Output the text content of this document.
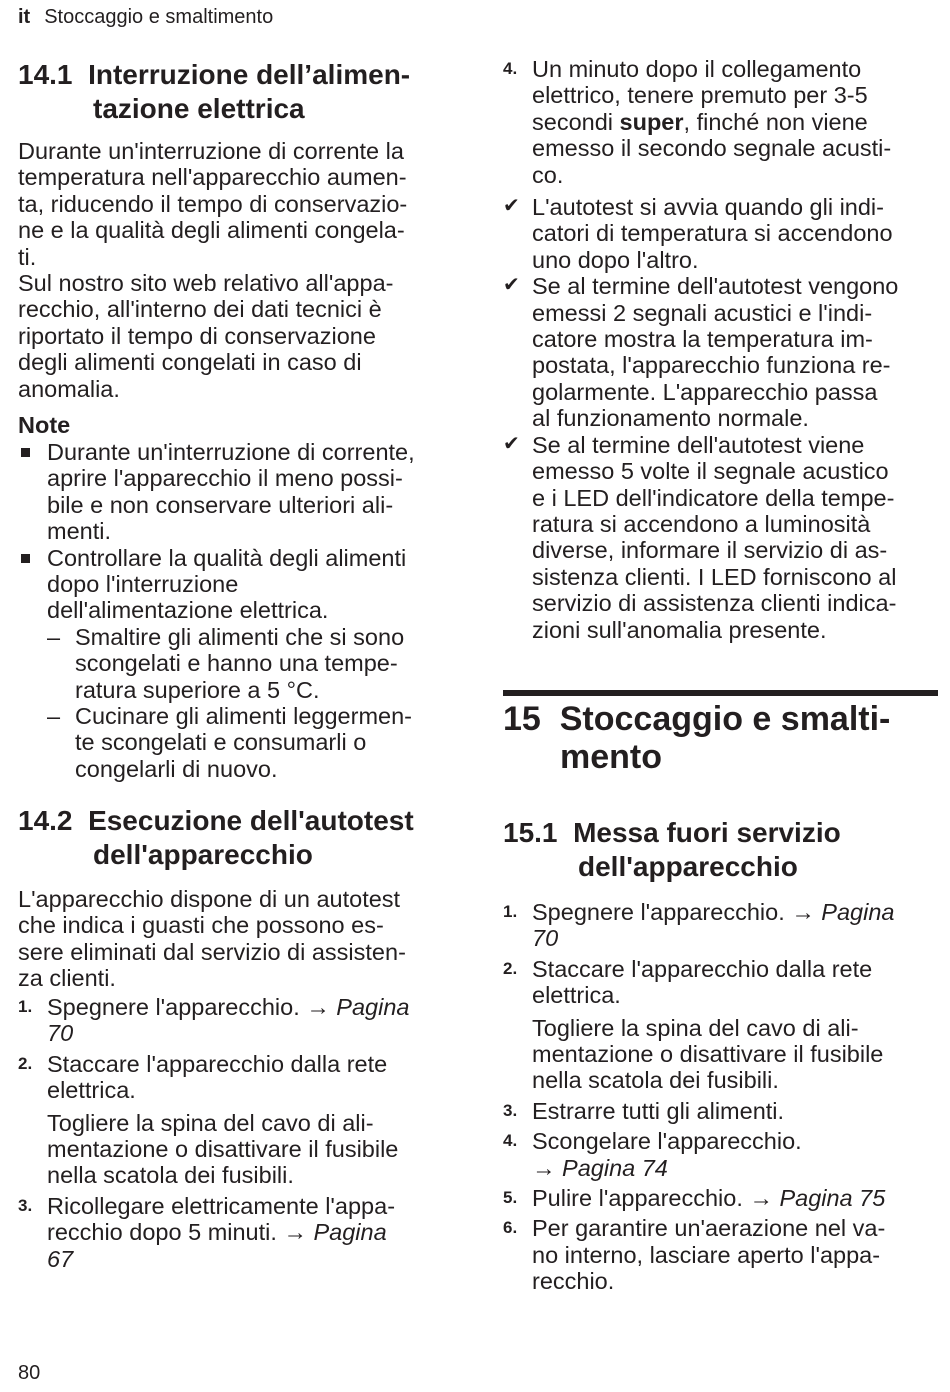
it Stoccaggio e smaltimento
14.1 Interruzione dell’alimen-
tazione elettrica

Durante un'interruzione di corrente la

temperatura nell'apparecchio aumen-

ta, riducendo il tempo di conservazio-

ne e la qualità degli alimenti congela-

ti.

Sul nostro sito web relativo all'appa-

recchio, all'interno dei dati tecnici è

riportato il tempo di conservazione

degli alimenti congelati in caso di

anomalia.

Note

Durante un'interruzione di corrente,

aprire l'apparecchio il meno possi-

bile e non conservare ulteriori ali-

menti.

Controllare la qualità degli alimenti

dopo l'interruzione

dell'alimentazione elettrica.

– Smaltire gli alimenti che si sono

scongelati e hanno una tempe-

ratura superiore a 5 °C.

– Cucinare gli alimenti leggermen-

te scongelati e consumarli o

congelarli di nuovo.

14.2 Esecuzione dell'autotest
dell'apparecchio

L'apparecchio dispone di un autotest

che indica i guasti che possono es-

sere eliminati dal servizio di assisten-

za clienti.

1. Spegnere l'apparecchio. → Pagina

70

2. Staccare l'apparecchio dalla rete

elettrica.

Togliere la spina del cavo di ali-

mentazione o disattivare il fusibile

nella scatola dei fusibili.

3. Ricollegare elettricamente l'appa-

recchio dopo 5 minuti. → Pagina

67

4. Un minuto dopo il collegamento

elettrico, tenere premuto per 3-5

secondi super, finché non viene

emesso il secondo segnale acusti-

co.

✔ L'autotest si avvia quando gli indi-

catori di temperatura si accendono

uno dopo l'altro.

✔ Se al termine dell'autotest vengono

emessi 2 segnali acustici e l'indi-

catore mostra la temperatura im-

postata, l'apparecchio funziona re-

golarmente. L'apparecchio passa

al funzionamento normale.

✔ Se al termine dell'autotest viene

emesso 5 volte il segnale acustico

e i LED dell'indicatore della tempe-

ratura si accendono a luminosità

diverse, informare il servizio di as-

sistenza clienti. I LED forniscono al

servizio di assistenza clienti indica-

zioni sull'anomalia presente.

15 Stoccaggio e smalti-
mento
15.1 Messa fuori servizio
dell'apparecchio
1. Spegnere l'apparecchio. → Pagina

70

2. Staccare l'apparecchio dalla rete

elettrica.

Togliere la spina del cavo di ali-

mentazione o disattivare il fusibile

nella scatola dei fusibili.

3. Estrarre tutti gli alimenti.

4. Scongelare l'apparecchio.

→ Pagina 74

5. Pulire l'apparecchio. → Pagina 75

6. Per garantire un'aerazione nel va-

no interno, lasciare aperto l'appa-

recchio.

80
